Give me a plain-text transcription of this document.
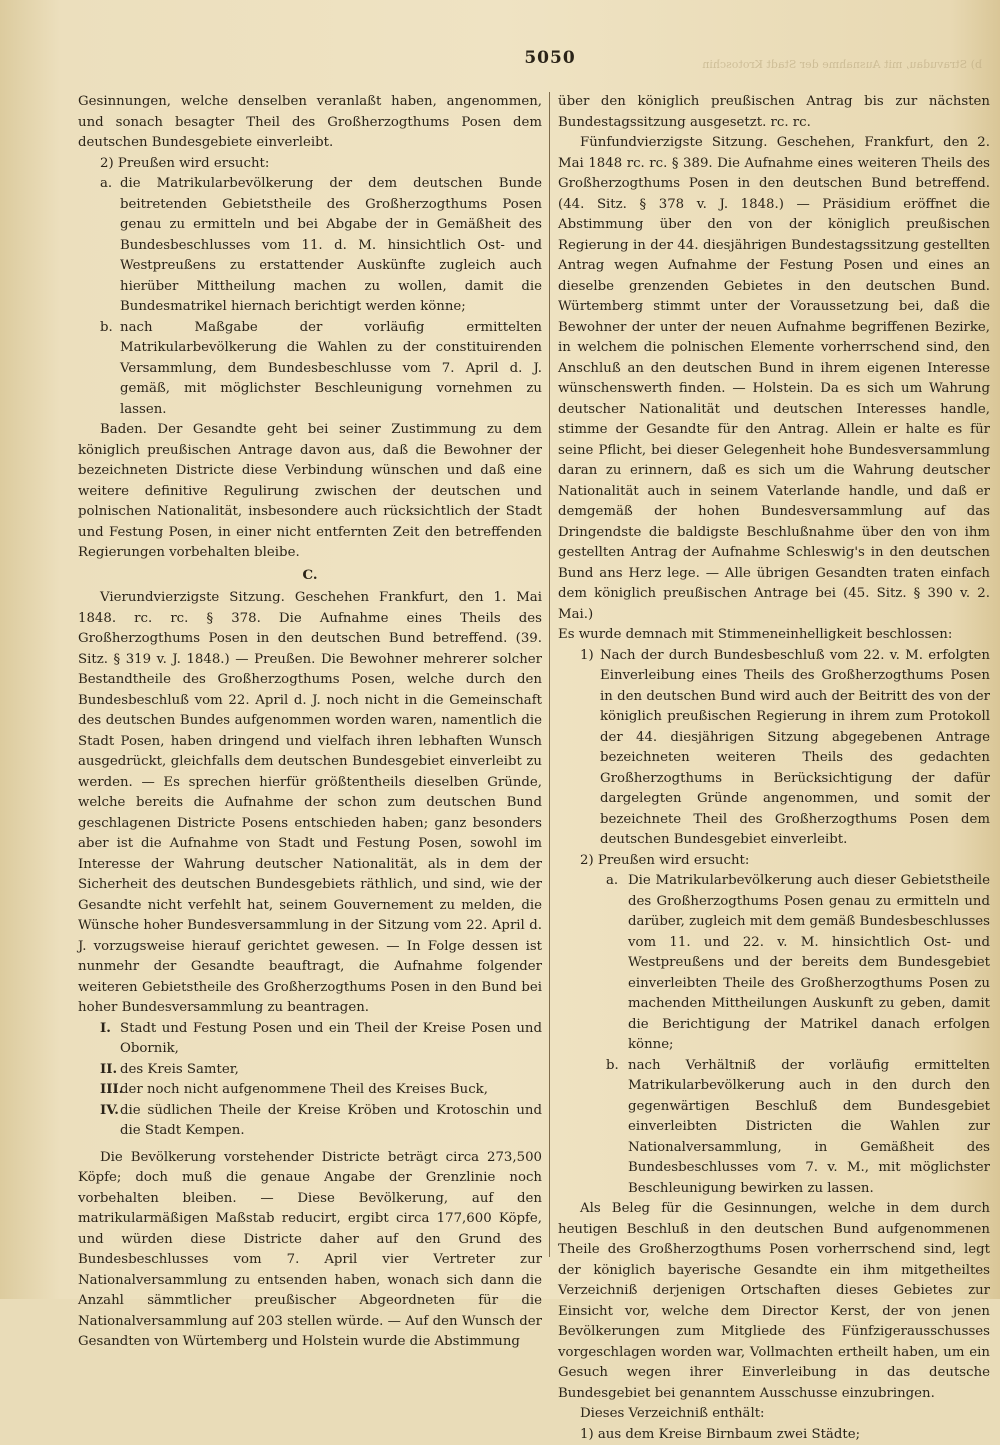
b) Stravudau, mit Ausnahme der Stadt Krotoschin
5050

Gesinnungen, welche denselben veranlaßt haben, angenommen, und sonach besagter Theil des Großherzogthums Posen dem deutschen Bundesgebiete einverleibt.

2) Preußen wird ersucht:

a. die Matrikularbevölkerung der dem deutschen Bunde beitretenden Gebietstheile des Großherzogthums Posen genau zu ermitteln und bei Abgabe der in Gemäßheit des Bundesbeschlusses vom 11. d. M. hinsichtlich Ost- und Westpreußens zu erstattender Auskünfte zugleich auch hierüber Mittheilung machen zu wollen, damit die Bundesmatrikel hiernach berichtigt werden könne;
b. nach Maßgabe der vorläufig ermittelten Matrikularbevölkerung die Wahlen zu der constituirenden Versammlung, dem Bundesbeschlusse vom 7. April d. J. gemäß, mit möglichster Beschleunigung vornehmen zu lassen.

Baden. Der Gesandte geht bei seiner Zustimmung zu dem königlich preußischen Antrage davon aus, daß die Bewohner der bezeichneten Districte diese Verbindung wünschen und daß eine weitere definitive Regulirung zwischen der deutschen und polnischen Nationalität, insbesondere auch rücksichtlich der Stadt und Festung Posen, in einer nicht entfernten Zeit den betreffenden Regierungen vorbehalten bleibe.

C.

Vierundvierzigste Sitzung. Geschehen Frankfurt, den 1. Mai 1848. rc. rc. § 378. Die Aufnahme eines Theils des Großherzogthums Posen in den deutschen Bund betreffend. (39. Sitz. § 319 v. J. 1848.) — Preußen. Die Bewohner mehrerer solcher Bestandtheile des Großherzogthums Posen, welche durch den Bundesbeschluß vom 22. April d. J. noch nicht in die Gemeinschaft des deutschen Bundes aufgenommen worden waren, namentlich die Stadt Posen, haben dringend und vielfach ihren lebhaften Wunsch ausgedrückt, gleichfalls dem deutschen Bundesgebiet einverleibt zu werden. — Es sprechen hierfür größtentheils dieselben Gründe, welche bereits die Aufnahme der schon zum deutschen Bund geschlagenen Districte Posens entschieden haben; ganz besonders aber ist die Aufnahme von Stadt und Festung Posen, sowohl im Interesse der Wahrung deutscher Nationalität, als in dem der Sicherheit des deutschen Bundesgebiets räthlich, und sind, wie der Gesandte nicht verfehlt hat, seinem Gouvernement zu melden, die Wünsche hoher Bundesversammlung in der Sitzung vom 22. April d. J. vorzugsweise hierauf gerichtet gewesen. — In Folge dessen ist nunmehr der Gesandte beauftragt, die Aufnahme folgender weiteren Gebietstheile des Großherzogthums Posen in den Bund bei hoher Bundesversammlung zu beantragen.

I. Stadt und Festung Posen und ein Theil der Kreise Posen und Obornik,
II. des Kreis Samter,
III.
der noch nicht aufgenommene Theil des Kreises Buck,
IV. die südlichen Theile der Kreise Kröben und Krotoschin und die Stadt Kempen.

Die Bevölkerung vorstehender Districte beträgt circa 273,500 Köpfe; doch muß die genaue Angabe der Grenzlinie noch vorbehalten bleiben. — Diese Bevölkerung, auf den matrikularmäßigen Maßstab reducirt, ergibt circa 177,600 Köpfe, und würden diese Districte daher auf den Grund des Bundesbeschlusses vom 7. April vier Vertreter zur Nationalversammlung zu entsenden haben, wonach sich dann die Anzahl sämmtlicher preußischer Abgeordneten für die Nationalversammlung auf 203 stellen würde. — Auf den Wunsch der Gesandten von Würtemberg und Holstein wurde die Abstimmung

über den königlich preußischen Antrag bis zur nächsten Bundestagssitzung ausgesetzt. rc. rc.

Fünfundvierzigste Sitzung. Geschehen, Frankfurt, den 2. Mai 1848 rc. rc. § 389. Die Aufnahme eines weiteren Theils des Großherzogthums Posen in den deutschen Bund betreffend. (44. Sitz. § 378 v. J. 1848.) — Präsidium eröffnet die Abstimmung über den von der königlich preußischen Regierung in der 44. diesjährigen Bundestagssitzung gestellten Antrag wegen Aufnahme der Festung Posen und eines an dieselbe grenzenden Gebietes in den deutschen Bund. Würtemberg stimmt unter der Voraussetzung bei, daß die Bewohner der unter der neuen Aufnahme begriffenen Bezirke, in welchem die polnischen Elemente vorherrschend sind, den Anschluß an den deutschen Bund in ihrem eigenen Interesse wünschenswerth finden. — Holstein. Da es sich um Wahrung deutscher Nationalität und deutschen Interesses handle, stimme der Gesandte für den Antrag. Allein er halte es für seine Pflicht, bei dieser Gelegenheit hohe Bundesversammlung daran zu erinnern, daß es sich um die Wahrung deutscher Nationalität auch in seinem Vaterlande handle, und daß er demgemäß der hohen Bundesversammlung auf das Dringendste die baldigste Beschlußnahme über den von ihm gestellten Antrag der Aufnahme Schleswig's in den deutschen Bund ans Herz lege. — Alle übrigen Gesandten traten einfach dem königlich preußischen Antrage bei (45. Sitz. § 390 v. 2. Mai.)

Es wurde demnach mit Stimmeneinhelligkeit beschlossen:

1) Nach der durch Bundesbeschluß vom 22. v. M. erfolgten Einverleibung eines Theils des Großherzogthums Posen in den deutschen Bund wird auch der Beitritt des von der königlich preußischen Regierung in ihrem zum Protokoll der 44. diesjährigen Sitzung abgegebenen Antrage bezeichneten weiteren Theils des gedachten Großherzogthums in Berücksichtigung der dafür dargelegten Gründe angenommen, und somit der bezeichnete Theil des Großherzogthums Posen dem deutschen Bundesgebiet einverleibt.

2) Preußen wird ersucht:

a. Die Matrikularbevölkerung auch dieser Gebietstheile des Großherzogthums Posen genau zu ermitteln und darüber, zugleich mit dem gemäß Bundesbeschlusses vom 11. und 22. v. M. hinsichtlich Ost- und Westpreußens und der bereits dem Bundesgebiet einverleibten Theile des Großherzogthums Posen zu machenden Mittheilungen Auskunft zu geben, damit die Berichtigung der Matrikel danach erfolgen könne;
b. nach Verhältniß der vorläufig ermittelten Matrikularbevölkerung auch in den durch den gegenwärtigen Beschluß dem Bundesgebiet einverleibten Districten die Wahlen zur Nationalversammlung, in Gemäßheit des Bundesbeschlusses vom 7. v. M., mit möglichster Beschleunigung bewirken zu lassen.

Als Beleg für die Gesinnungen, welche in dem durch heutigen Beschluß in den deutschen Bund aufgenommenen Theile des Großherzogthums Posen vorherrschend sind, legt der königlich bayerische Gesandte ein ihm mitgetheiltes Verzeichniß derjenigen Ortschaften dieses Gebietes zur Einsicht vor, welche dem Director Kerst, der von jenen Bevölkerungen zum Mitgliede des Fünfzigerausschusses vorgeschlagen worden war, Vollmachten ertheilt haben, um ein Gesuch wegen ihrer Einverleibung in das deutsche Bundesgebiet bei genanntem Ausschusse einzubringen.

Dieses Verzeichniß enthält:

1) aus dem Kreise Birnbaum zwei Städte;
